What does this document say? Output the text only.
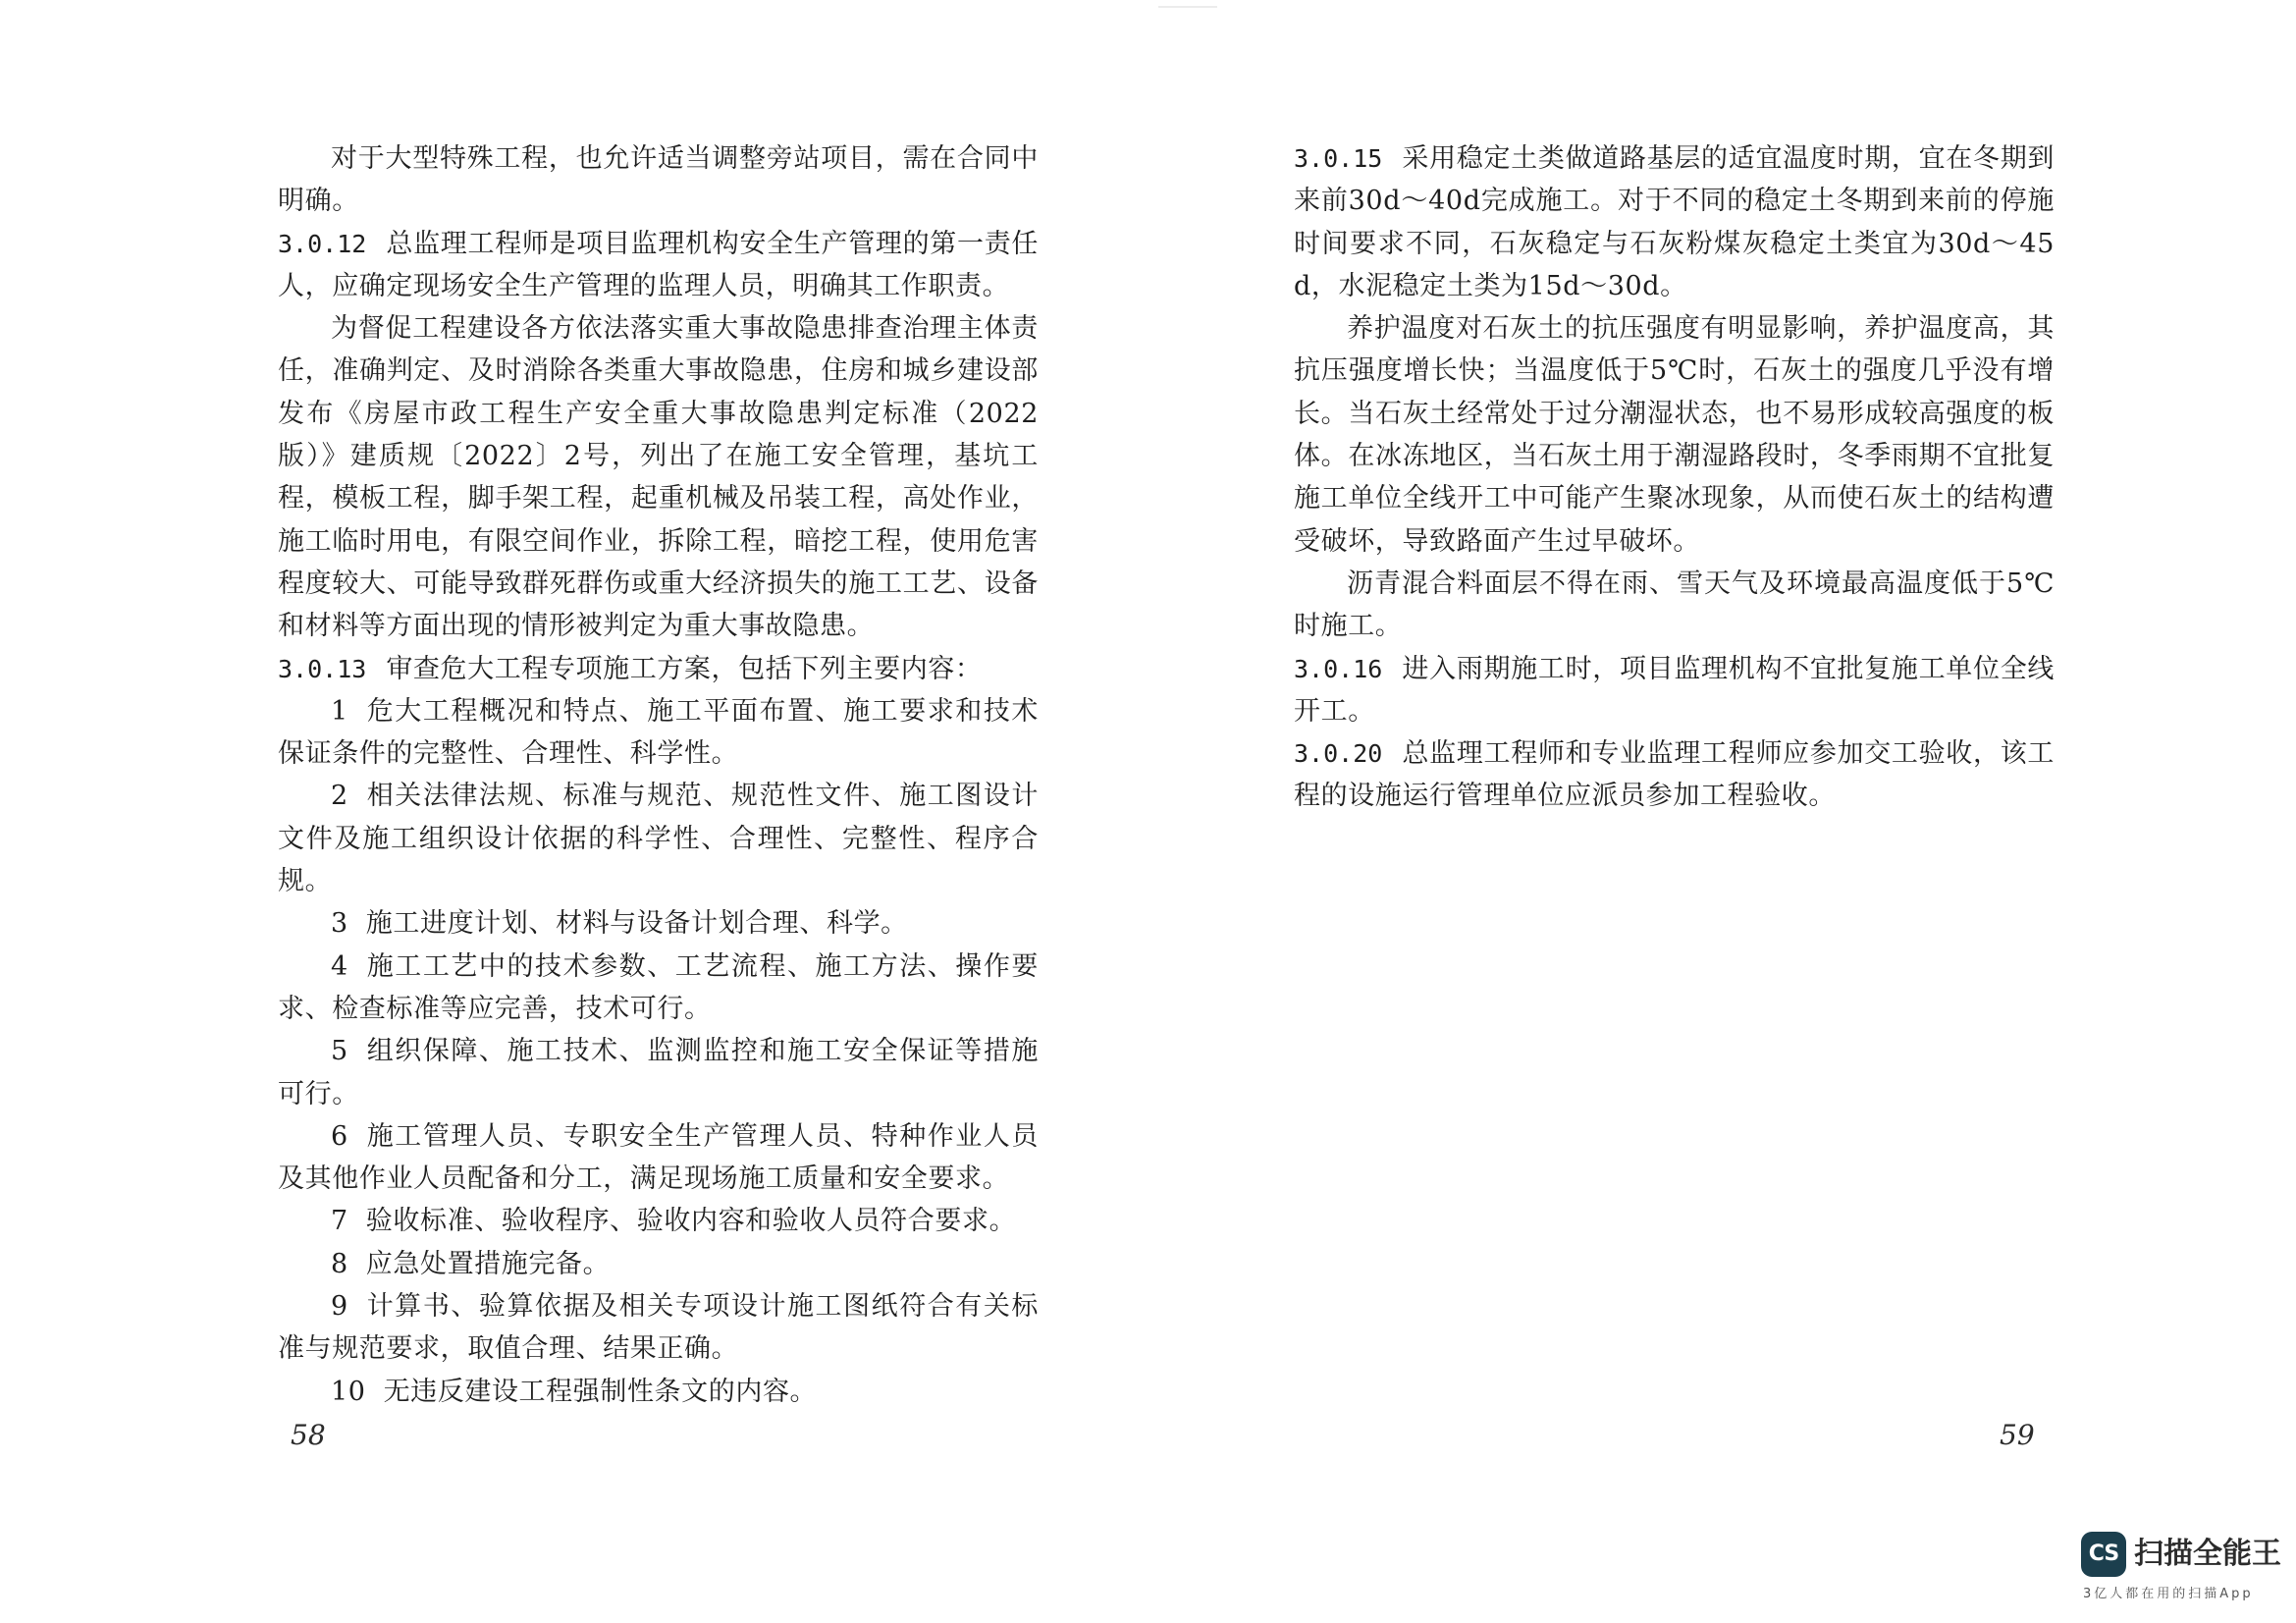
对于大型特殊工程，也允许适当调整旁站项目，需在合同中明确。

3.0.12 总监理工程师是项目监理机构安全生产管理的第一责任人，应确定现场安全生产管理的监理人员，明确其工作职责。

为督促工程建设各方依法落实重大事故隐患排查治理主体责任，准确判定、及时消除各类重大事故隐患，住房和城乡建设部发布《房屋市政工程生产安全重大事故隐患判定标准（2022版）》建质规〔2022〕2号，列出了在施工安全管理，基坑工程，模板工程，脚手架工程，起重机械及吊装工程，高处作业，施工临时用电，有限空间作业，拆除工程，暗挖工程，使用危害程度较大、可能导致群死群伤或重大经济损失的施工工艺、设备和材料等方面出现的情形被判定为重大事故隐患。

3.0.13 审查危大工程专项施工方案，包括下列主要内容：

1 危大工程概况和特点、施工平面布置、施工要求和技术保证条件的完整性、合理性、科学性。

2 相关法律法规、标准与规范、规范性文件、施工图设计文件及施工组织设计依据的科学性、合理性、完整性、程序合规。

3 施工进度计划、材料与设备计划合理、科学。

4 施工工艺中的技术参数、工艺流程、施工方法、操作要求、检查标准等应完善，技术可行。

5 组织保障、施工技术、监测监控和施工安全保证等措施可行。

6 施工管理人员、专职安全生产管理人员、特种作业人员及其他作业人员配备和分工，满足现场施工质量和安全要求。

7 验收标准、验收程序、验收内容和验收人员符合要求。

8 应急处置措施完备。

9 计算书、验算依据及相关专项设计施工图纸符合有关标准与规范要求，取值合理、结果正确。

10 无违反建设工程强制性条文的内容。

58

3.0.15 采用稳定土类做道路基层的适宜温度时期，宜在冬期到来前30d～40d完成施工。对于不同的稳定土冬期到来前的停施时间要求不同，石灰稳定与石灰粉煤灰稳定土类宜为30d～45d，水泥稳定土类为15d～30d。

养护温度对石灰土的抗压强度有明显影响，养护温度高，其抗压强度增长快；当温度低于5℃时，石灰土的强度几乎没有增长。当石灰土经常处于过分潮湿状态，也不易形成较高强度的板体。在冰冻地区，当石灰土用于潮湿路段时，冬季雨期不宜批复施工单位全线开工中可能产生聚冰现象，从而使石灰土的结构遭受破坏，导致路面产生过早破坏。

沥青混合料面层不得在雨、雪天气及环境最高温度低于5℃时施工。

3.0.16 进入雨期施工时，项目监理机构不宜批复施工单位全线开工。

3.0.20 总监理工程师和专业监理工程师应参加交工验收，该工程的设施运行管理单位应派员参加工程验收。

59
CS 扫描全能王
3亿人都在用的扫描App
